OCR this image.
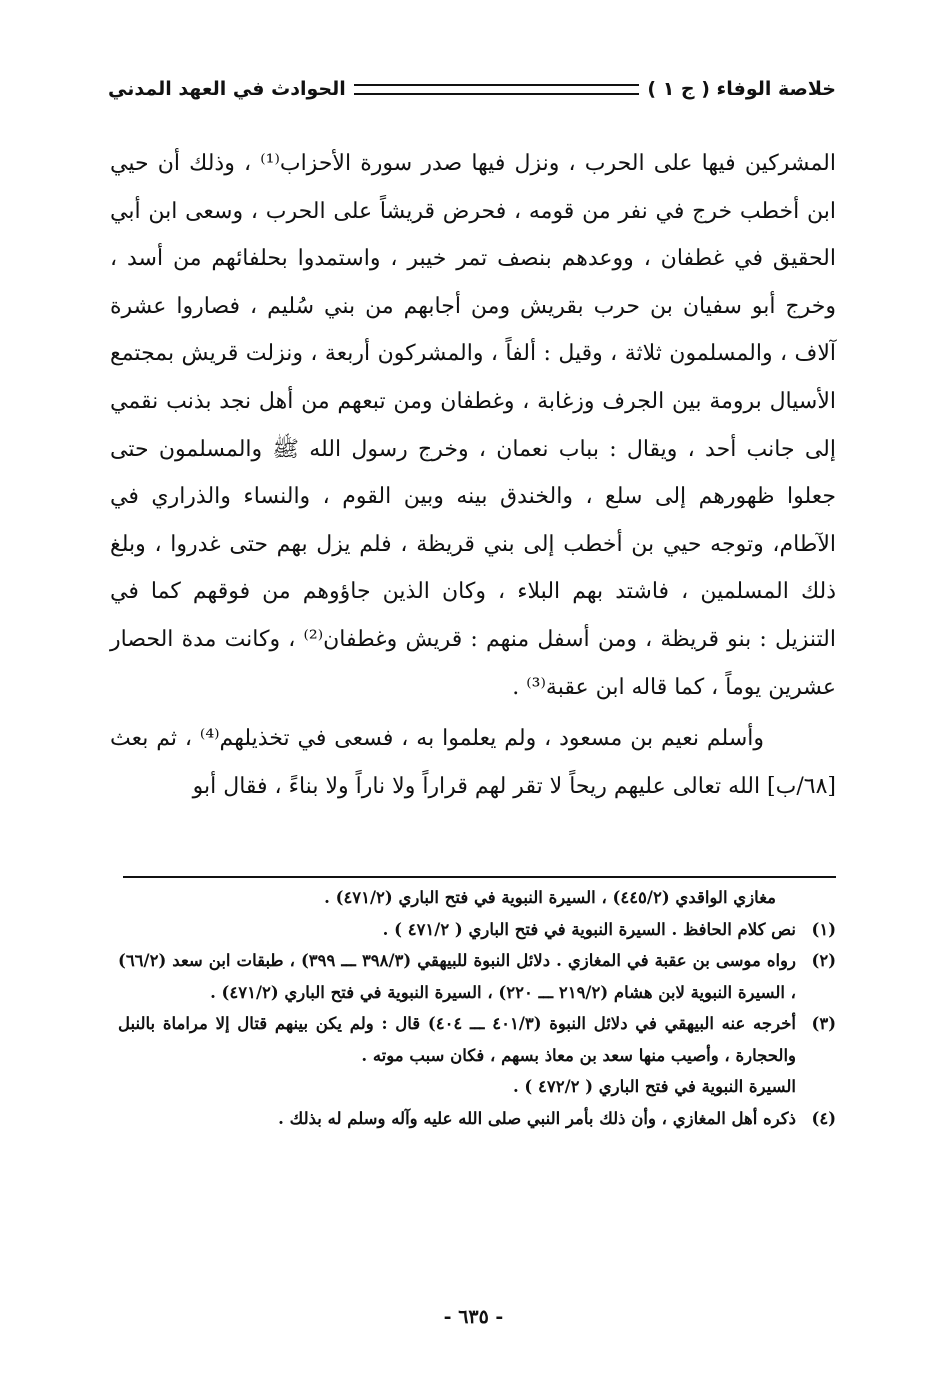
خلاصة الوفاء ( ج ١ )
الحوادث في العهد المدني

المشركين فيها على الحرب ، ونزل فيها صدر سورة الأحزاب⁽¹⁾ ، وذلك أن حيي ابن أخطب خرج في نفر من قومه ، فحرض قريشاً على الحرب ، وسعى ابن أبي الحقيق في غطفان ، ووعدهم بنصف تمر خيبر ، واستمدوا بحلفائهم من أسد ، وخرج أبو سفيان بن حرب بقريش ومن أجابهم من بني سُليم ، فصاروا عشرة آلاف ، والمسلمون ثلاثة ، وقيل : ألفاً ، والمشركون أربعة ، ونزلت قريش بمجتمع الأسيال برومة بين الجرف وزغابة ، وغطفان ومن تبعهم من أهل نجد بذنب نقمي إلى جانب أحد ، ويقال : بباب نعمان ، وخرج رسول الله ﷺ والمسلمون حتى جعلوا ظهورهم إلى سلع ، والخندق بينه وبين القوم ، والنساء والذراري في الآطام، وتوجه حيي بن أخطب إلى بني قريظة ، فلم يزل بهم حتى غدروا ، وبلغ ذلك المسلمين ، فاشتد بهم البلاء ، وكان الذين جاؤوهم من فوقهم كما في التنزيل : بنو قريظة ، ومن أسفل منهم : قريش وغطفان⁽²⁾ ، وكانت مدة الحصار عشرين يوماً ، كما قاله ابن عقبة⁽³⁾ .

وأسلم نعيم بن مسعود ، ولم يعلموا به ، فسعى في تخذيلهم⁽⁴⁾ ، ثم بعث [٦٨/ب] الله تعالى عليهم ريحاً لا تقر لهم قراراً ولا ناراً ولا بناءً ، فقال أبو

مغازي الواقدي (٤٤٥/٢) ، السيرة النبوية في فتح الباري (٤٧١/٢) .

(١)
نص كلام الحافظ . السيرة النبوية في فتح الباري ( ٤٧١/٢ ) .
(٢)
رواه موسى بن عقبة في المغازي . دلائل النبوة للبيهقي (٣٩٨/٣ ـــ ٣٩٩) ، طبقات ابن سعد (٦٦/٢) ، السيرة النبوية لابن هشام (٢١٩/٢ ـــ ٢٢٠) ، السيرة النبوية في فتح الباري (٤٧١/٢) .
(٣)
أخرجه عنه البيهقي في دلائل النبوة (٤٠١/٣ ـــ ٤٠٤) قال : ولم يكن بينهم قتال إلا مراماة بالنبل والحجارة ، وأصيب منها سعد بن معاذ بسهم ، فكان سبب موته .
السيرة النبوية في فتح الباري ( ٤٧٢/٢ ) .
(٤)
ذكره أهل المغازي ، وأن ذلك بأمر النبي صلى الله عليه وآله وسلم له بذلك .
- ٦٣٥ -
